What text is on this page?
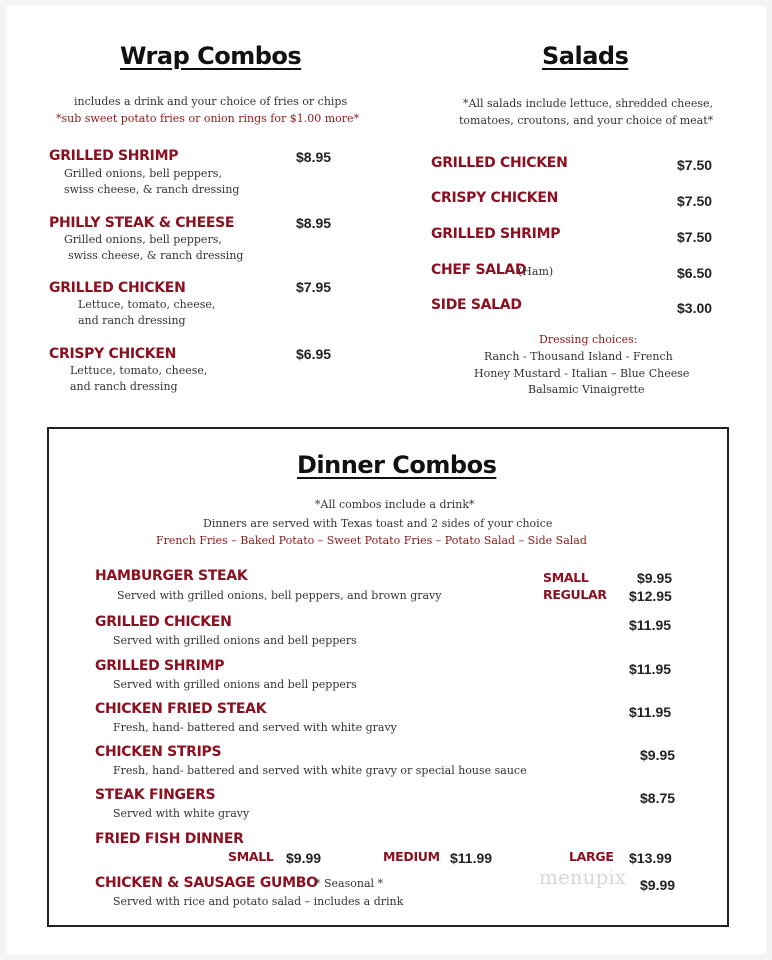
Wrap Combos
includes a drink and your choice of fries or chips
*sub sweet potato fries or onion rings for $1.00 more*
GRILLED SHRIMP
Grilled onions, bell peppers,
swiss cheese, & ranch dressing
$8.95
PHILLY STEAK & CHEESE
Grilled onions, bell peppers,
swiss cheese, & ranch dressing
$8.95
GRILLED CHICKEN
Lettuce, tomato, cheese,
and ranch dressing
$7.95
CRISPY CHICKEN
Lettuce, tomato, cheese,
and ranch dressing
$6.95
Salads
*All salads include lettuce, shredded cheese,
tomatoes, croutons, and your choice of meat*
GRILLED CHICKEN	$7.50
CRISPY CHICKEN	$7.50
GRILLED SHRIMP	$7.50
CHEF SALAD
(Ham)	$6.50
SIDE SALAD	$3.00
Dressing choices:
Ranch - Thousand Island - French
Honey Mustard - Italian – Blue Cheese
Balsamic Vinaigrette
Dinner Combos
*All combos include a drink*
Dinners are served with Texas toast and 2 sides of your choice
French Fries – Baked Potato – Sweet Potato Fries – Potato Salad – Side Salad
HAMBURGER STEAK
Served with grilled onions, bell peppers, and brown gravy
SMALL	$9.95
REGULAR $12.95
GRILLED CHICKEN
Served with grilled onions and bell peppers
$11.95
GRILLED SHRIMP
Served with grilled onions and bell peppers
$11.95
CHICKEN FRIED STEAK
Fresh, hand- battered and served with white gravy
$11.95
CHICKEN STRIPS
Fresh, hand- battered and served with white gravy or special house sauce
$9.95
STEAK FINGERS
Served with white gravy
$8.75
FRIED FISH DINNER
SMALL $9.99	MEDIUM $11.99	LARGE $13.99
CHICKEN & SAUSAGE GUMBO
* Seasonal *
Served with rice and potato salad – includes a drink
menupix $9.99
